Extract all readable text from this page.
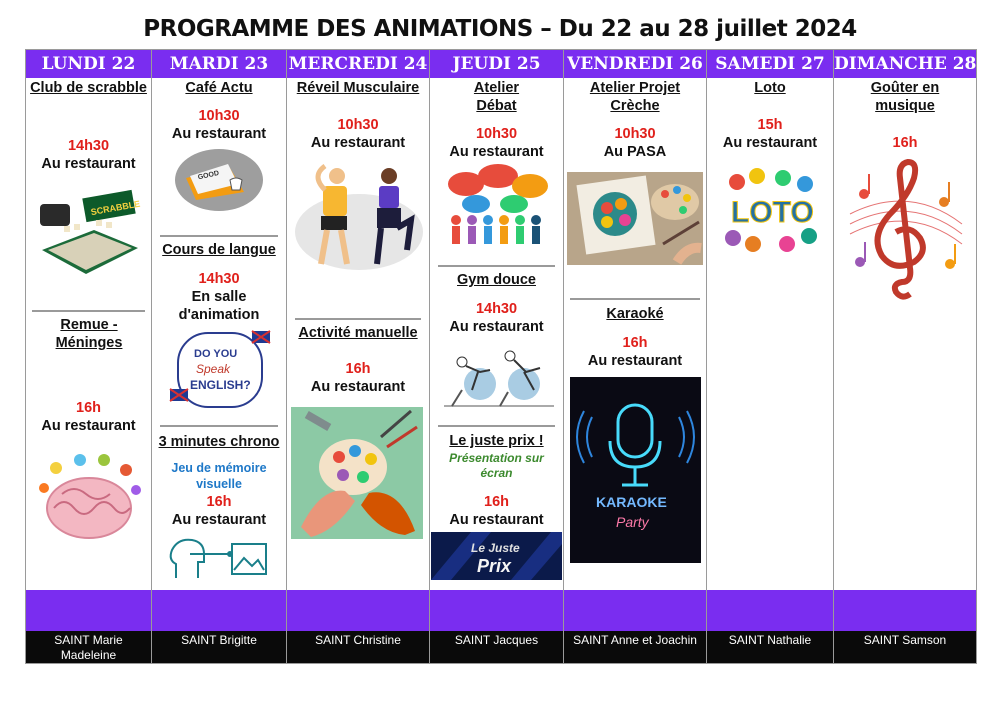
PROGRAMME DES ANIMATIONS – Du 22 au 28 juillet 2024
LUNDI 22
Club de scrabble
14h30
Au restaurant
SCRABBLE
Remue - Méninges
16h
Au restaurant
SAINT Marie Madeleine
MARDI 23
Café Actu
10h30
Au restaurant
GOOD
Cours de langue
14h30
En salle d'animation
DO YOU
Speak
ENGLISH?
3 minutes chrono
Jeu de mémoire visuelle
16h
Au restaurant
SAINT Brigitte
MERCREDI 24
Réveil Musculaire
10h30
Au restaurant
Activité manuelle
16h
Au restaurant
SAINT Christine
JEUDI 25
Atelier Débat
10h30
Au restaurant
Gym douce
14h30
Au restaurant
Le juste prix !
Présentation sur écran
16h
Au restaurant
Le Juste
Prix
SAINT Jacques
VENDREDI 26
Atelier Projet Crèche
10h30
Au PASA
Karaoké
16h
Au restaurant
KARAOKE
Party
SAINT Anne et Joachin
SAMEDI 27
Loto
15h
Au restaurant
LOTO
SAINT Nathalie
DIMANCHE 28
Goûter en musique
16h
SAINT Samson
